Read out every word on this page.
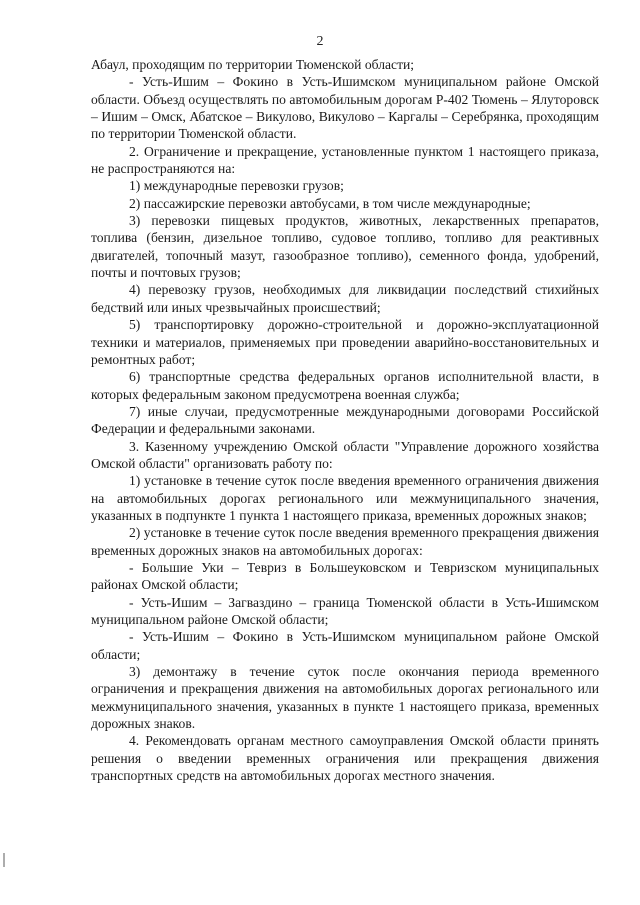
2

Абаул, проходящим по территории Тюменской области;

- Усть-Ишим – Фокино в Усть-Ишимском муниципальном районе Омской области. Объезд осуществлять по автомобильным дорогам Р-402 Тюмень – Ялуторовск – Ишим – Омск, Абатское – Викулово, Викулово – Каргалы – Серебрянка, проходящим по территории Тюменской области.

2. Ограничение и прекращение, установленные пунктом 1 настоящего приказа, не распространяются на:

1) международные перевозки грузов;

2) пассажирские перевозки автобусами, в том числе международные;

3) перевозки пищевых продуктов, животных, лекарственных препаратов, топлива (бензин, дизельное топливо, судовое топливо, топливо для реактивных двигателей, топочный мазут, газообразное топливо), семенного фонда, удобрений, почты и почтовых грузов;

4) перевозку грузов, необходимых для ликвидации последствий стихийных бедствий или иных чрезвычайных происшествий;

5) транспортировку дорожно-строительной и дорожно-эксплуатационной техники и материалов, применяемых при проведении аварийно-восстановительных и ремонтных работ;

6) транспортные средства федеральных органов исполнительной власти, в которых федеральным законом предусмотрена военная служба;

7) иные случаи, предусмотренные международными договорами Российской Федерации и федеральными законами.

3. Казенному учреждению Омской области "Управление дорожного хозяйства Омской области" организовать работу по:

1) установке в течение суток после введения временного ограничения движения на автомобильных дорогах регионального или межмуниципального значения, указанных в подпункте 1 пункта 1 настоящего приказа, временных дорожных знаков;

2) установке в течение суток после введения временного прекращения движения временных дорожных знаков на автомобильных дорогах:

- Большие Уки – Тевриз в Большеуковском и Тевризском муниципальных районах Омской области;

- Усть-Ишим – Загваздино – граница Тюменской области в Усть-Ишимском муниципальном районе Омской области;

- Усть-Ишим – Фокино в Усть-Ишимском муниципальном районе Омской области;

3) демонтажу в течение суток после окончания периода временного ограничения и прекращения движения на автомобильных дорогах регионального или межмуниципального значения, указанных в пункте 1 настоящего приказа, временных дорожных знаков.

4. Рекомендовать органам местного самоуправления Омской области принять решения о введении временных ограничения или прекращения движения транспортных средств на автомобильных дорогах местного значения.
